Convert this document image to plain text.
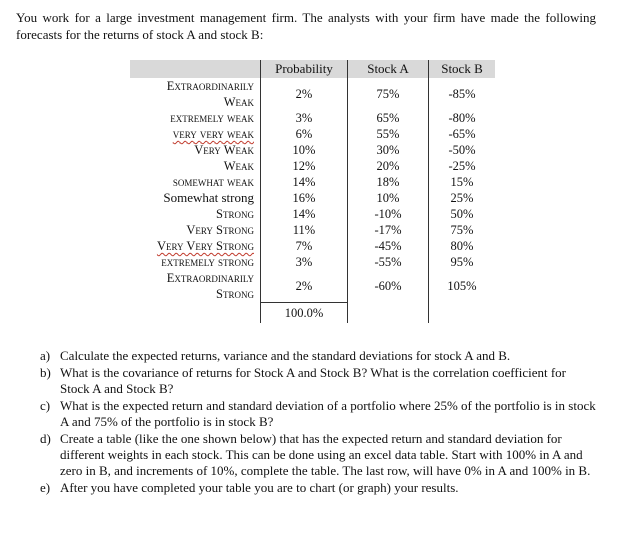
You work for a large investment management firm. The analysts with your firm have made the following forecasts for the returns of stock A and stock B:
	Probability	Stock A	Stock B
Extraordinarily Weak	2%	75%	-85%
extremely weak	3%	65%	-80%
very very weak	6%	55%	-65%
Very Weak	10%	30%	-50%
Weak	12%	20%	-25%
somewhat weak	14%	18%	15%
Somewhat strong	16%	10%	25%
Strong	14%	-10%	50%
Very Strong	11%	-17%	75%
Very Very Strong	7%	-45%	80%
extremely strong	3%	-55%	95%
Extraordinarily Strong	2%	-60%	105%
	100.0%		
a) Calculate the expected returns, variance and the standard deviations for stock A and B.
b) What is the covariance of returns for Stock A and Stock B? What is the correlation coefficient for Stock A and Stock B?
c) What is the expected return and standard deviation of a portfolio where 25% of the portfolio is in stock A and 75% of the portfolio is in stock B?
d) Create a table (like the one shown below) that has the expected return and standard deviation for different weights in each stock. This can be done using an excel data table. Start with 100% in A and zero in B, and increments of 10%, complete the table. The last row, will have 0% in A and 100% in B.
e) After you have completed your table you are to chart (or graph) your results.
